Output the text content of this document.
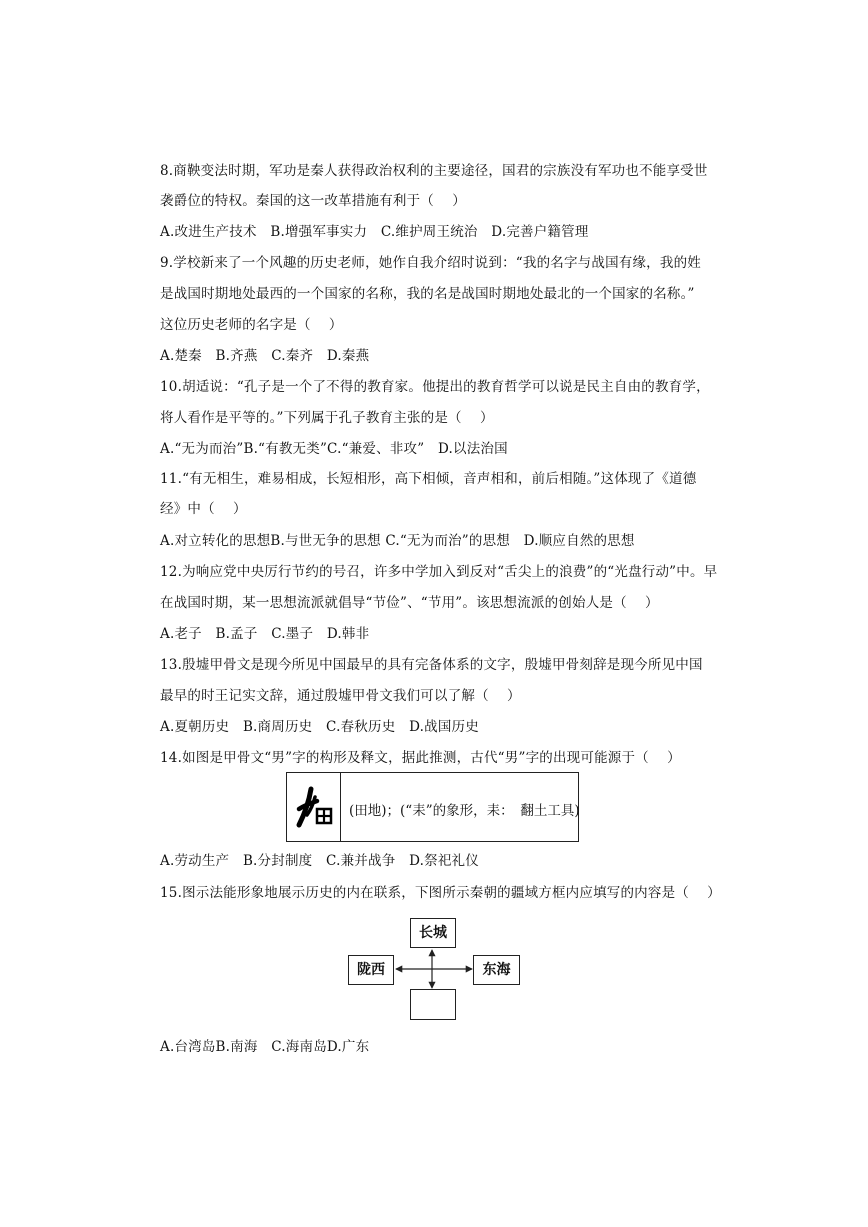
8.商鞅变法时期，军功是秦人获得政治权利的主要途径，国君的宗族没有军功也不能享受世
袭爵位的特权。秦国的这一改革措施有利于（　 ）
A.改进生产技术　B.增强军事实力　C.维护周王统治　D.完善户籍管理
9.学校新来了一个风趣的历史老师，她作自我介绍时说到：“我的名字与战国有缘，我的姓
是战国时期地处最西的一个国家的名称，我的名是战国时期地处最北的一个国家的名称。”
这位历史老师的名字是（　 ）
A.楚秦　B.齐燕　C.秦齐　D.秦燕
10.胡适说：“孔子是一个了不得的教育家。他提出的教育哲学可以说是民主自由的教育学，
将人看作是平等的。”下列属于孔子教育主张的是（　 ）
A.“无为而治”B.“有教无类”C.“兼爱、非攻”　D.以法治国
11.“有无相生，难易相成，长短相形，高下相倾，音声相和，前后相随。”这体现了《道德
经》中（　 ）
A.对立转化的思想B.与世无争的思想 C.“无为而治”的思想　D.顺应自然的思想
12.为响应党中央厉行节约的号召，许多中学加入到反对“舌尖上的浪费”的“光盘行动”中。早
在战国时期，某一思想流派就倡导“节俭”、“节用”。该思想流派的创始人是（　 ）
A.老子　B.孟子　C.墨子　D.韩非
13.殷墟甲骨文是现今所见中国最早的具有完备体系的文字，殷墟甲骨刻辞是现今所见中国
最早的时王记实文辞，通过殷墟甲骨文我们可以了解（　 ）
A.夏朝历史　B.商周历史　C.春秋历史　D.战国历史
14.如图是甲骨文“男”字的构形及释文，据此推测，古代“男”字的出现可能源于（　 ）
(田地)；(“耒”的象形，耒：　翻土工具)
A.劳动生产　B.分封制度　C.兼并战争　D.祭祀礼仪
15.图示法能形象地展示历史的内在联系，下图所示秦朝的疆域方框内应填写的内容是（　 ）
长城
陇西	东海
A.台湾岛B.南海　C.海南岛D.广东
